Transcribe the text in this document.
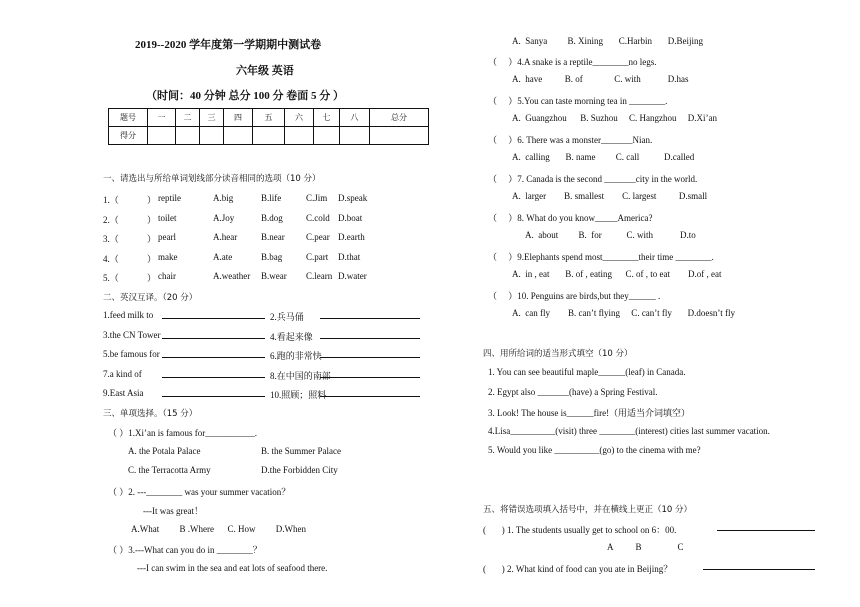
2019--2020 学年度第一学期期中测试卷
六年级 英语
（时间：40 分钟 总分 100 分 卷面 5 分 ）
题号	一	二	三	四	五	六	七	八	总分
得分									
一、请选出与所给单词划线部分读音相同的选项（10 分）
1.（	） reptile	A.big	B.life	C.Jim D.speak
2.（	） toilet	A.Joy	B.dog	C.cold D.boat
3.（	） pearl	A.hear	B.near C.pear D.earth
4.（	） make	A.ate	B.bag	C.part D.that
5.（	） chair	A.weather B.wear C.learn D.water
二、英汉互译。（20 分）
1.feed milk to	2.兵马俑
3.the CN Tower	4.看起来像
5.be famous for	6.跑的非常快
7.a kind of	8.在中国的南部
9.East Asia	10.照顾；照料
三、单项选择。（15 分）
（ ）1.Xi’an is famous for___________.
A. the Potala Palace	B. the Summer Palace
C. the Terracotta Army	D.the Forbidden City
（ ）2. ---________ was your summer vacation？
---It was great！
A.What         B .Where      C. How         D.When
（ ）3.---What can you do in ________？
---I can swim in the sea and eat lots of seafood there.
A.  Sanya         B. Xining       C.Harbin       D.Beijing
（     ）4.A snake is a reptile________no legs.
A.  have          B. of              C. with            D.has
（     ）5.You can taste morning tea in ________.
A.  Guangzhou      B. Suzhou     C. Hangzhou     D.Xi’an
（     ）6. There was a monster_______Nian.
A.  calling       B. name         C. call           D.called
（     ）7. Canada is the second _______city in the world.
A.  larger        B. smallest        C. largest          D.small
（     ）8. What do you know_____America?
A.  about         B.  for           C. with            D.to
（     ）9.Elephants spend most________their time ________.
A.  in , eat       B. of , eating      C. of , to eat        D.of , eat
（     ）10. Penguins are birds,but they______ .
A.  can fly        B. can’t flying     C. can’t fly       D.doesn’t fly
四、用所给词的适当形式填空（10 分）
1. You can see beautiful maple______(leaf) in Canada.
2. Egypt also _______(have) a Spring Festival.
3. Look! The house is______fire!（用适当介词填空）
4.Lisa__________(visit) three ________(interest) cities last summer vacation.
5. Would you like __________(go) to the cinema with me?
五、将错误选项填入括号中，并在横线上更正（10 分）
(       ) 1. The students usually get to school on 6：00.
A          B                C
(       ) 2. What kind of food can you ate in Beijing？
